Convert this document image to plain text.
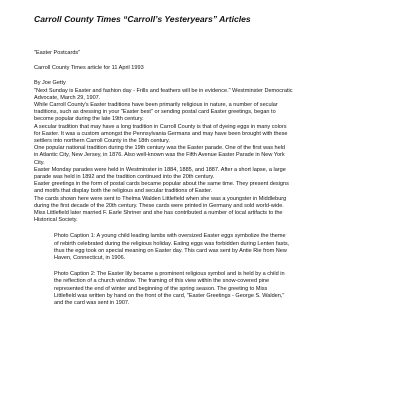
Carroll County Times “Carroll’s Yesteryears” Articles

"Easter Postcards"

Carroll County Times article for 11 April 1993

By Joe Getty

"Next Sunday is Easter and fashion day - Frills and feathers will be in evidence." Westminster Democratic

Advocate, March 29, 1907.

While Carroll County's Easter traditions have been primarily religious in nature, a number of secular

traditions, such as dressing in your "Easter best" or sending postal card Easter greetings, began to

become popular during the late 19th century.

A secular tradition that may have a long tradition in Carroll County is that of dyeing eggs in many colors

for Easter. It was a custom amongst the Pennsylvania Germans and may have been brought with these

settlers into northern Carroll County in the 18th century.

One popular national tradition during the 19th century was the Easter parade. One of the first was held

in Atlantic City, New Jersey, in 1876. Also well-known was the Fifth Avenue Easter Parade in New York

City.

Easter Monday parades were held in Westminster in 1884, 1885, and 1887. After a short lapse, a large

parade was held in 1892 and the tradition continued into the 20th century.

Easter greetings in the form of postal cards became popular about the same time. They present designs

and motifs that display both the religious and secular traditions of Easter.

The cards shown here were sent to Thelma Walden Littlefield when she was a youngster in Middleburg

during the first decade of the 20th century. These cards were printed in Germany and sold world-wide.

Miss Littlefield later married F. Earle Shriner and she has contributed a number of local artifacts to the

Historical Society.

Photo Caption 1: A young child leading lambs with oversized Easter eggs symbolize the theme

of rebirth celebrated during the religious holiday. Eating eggs was forbidden during Lenten fasts,

thus the egg took on special meaning on Easter day. This card was sent by Antie Rie from New

Haven, Connecticut, in 1906.

Photo Caption 2: The Easter lily became a prominent religious symbol and is held by a child in

the reflection of a church window. The framing of this view within the snow-covered pine

represented the end of winter and beginning of the spring season. The greeting to Miss

Littlefield was written by hand on the front of the card, "Easter Greetings - George S. Walden,"

and the card was sent in 1907.
